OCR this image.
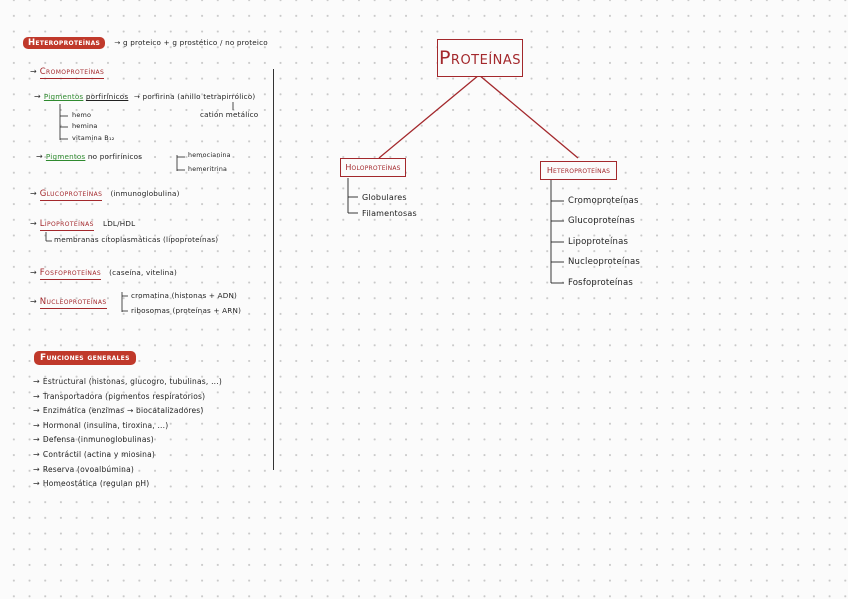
Heteroproteínas → g proteico + g prostético / no proteico
→ Cromoproteínas
→ Pigmentos porfirínicos → porfirina (anillo tetrapirrólico)
catión metálico
hemo
hemina
vitamina B₁₂
→ Pigmentos no porfirínicos	hemocianina
hemeritrina
→ Glucoproteínas (inmunoglobulina)
→ Lipoproteínas LDL/HDL
membranas citoplasmáticas (lipoproteínas)
→ Fosfoproteínas (caseína, vitelina)
→ Nucleoproteínas
cromatina (histonas + ADN)
ribosomas (proteínas + ARN)
Funciones generales
→ Estructural (histonas, glucogro, tubulinas, ...)
→ Transportadora (pigmentos respiratorios)
→ Enzimática (enzimas → biocatalizadores)
→ Hormonal (insulina, tiroxina, ...)
→ Defensa (inmunoglobulinas)
→ Contráctil (actina y miosina)
→ Reserva (ovoalbúmina)
→ Homeostática (regulan pH)
Proteínas
Holoproteínas
Globulares
Filamentosas
Heteroproteínas
Cromoproteínas
Glucoproteínas
Lipoproteínas
Nucleoproteínas
Fosfoproteínas
